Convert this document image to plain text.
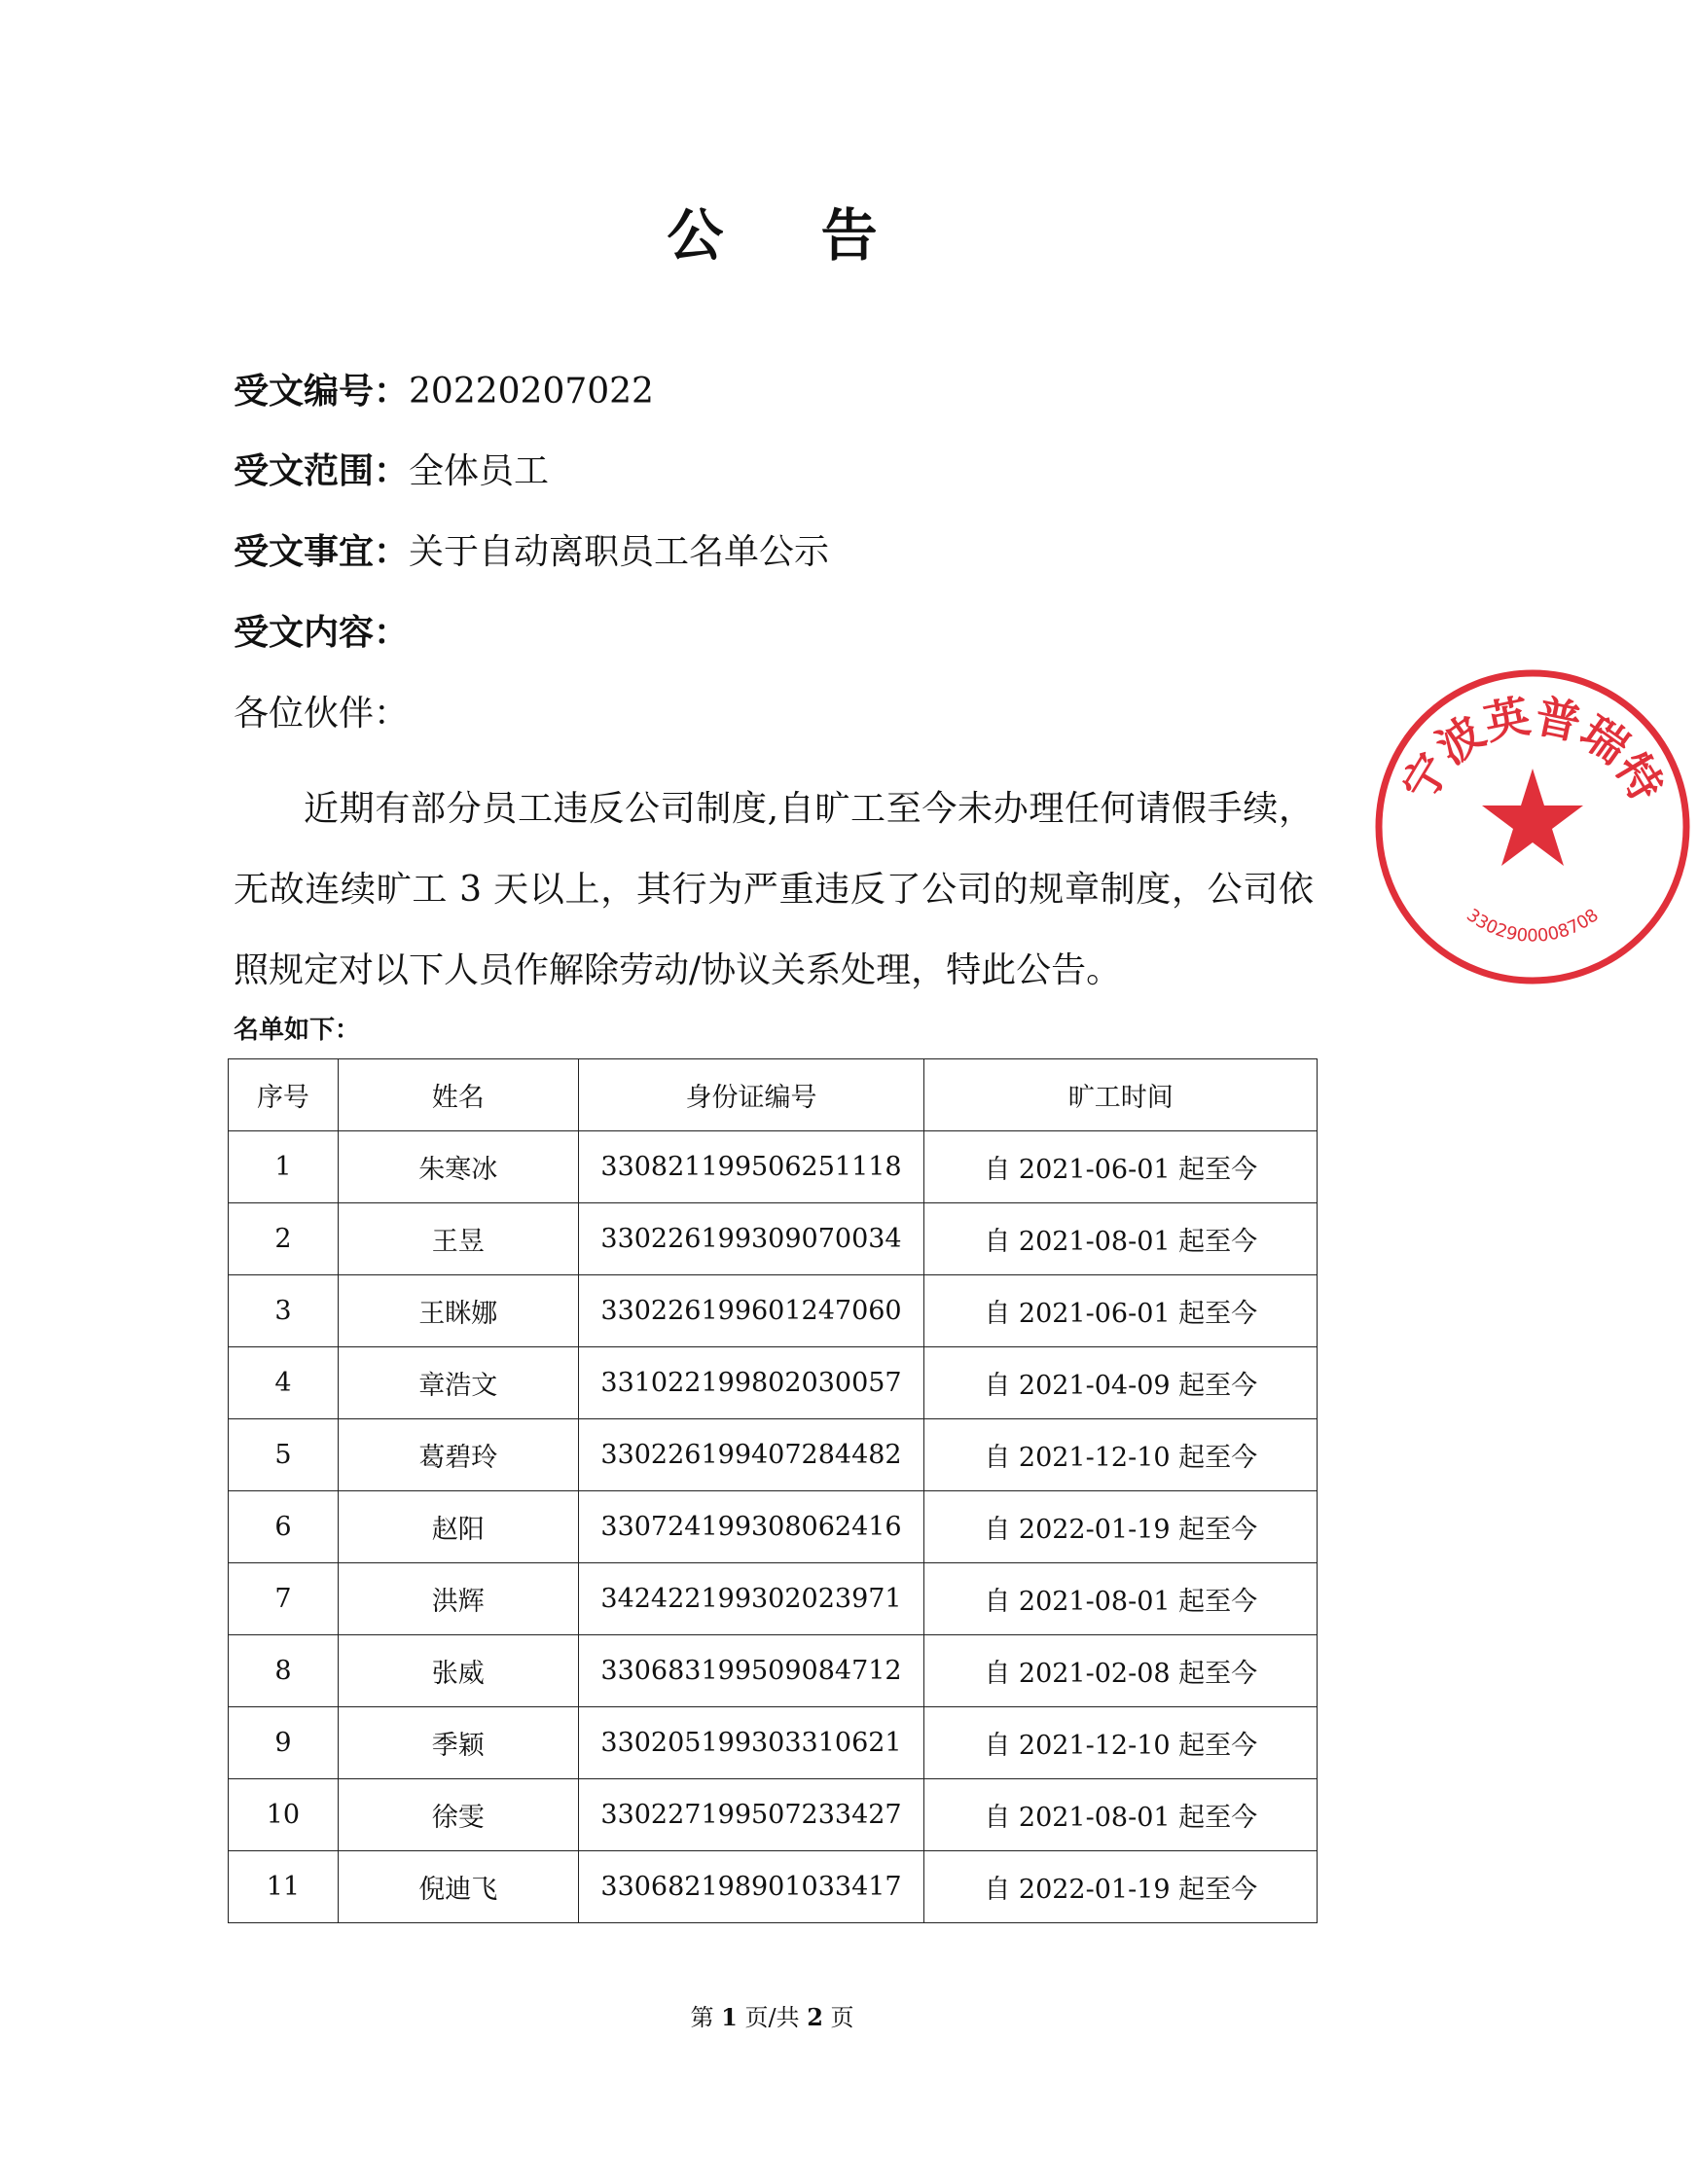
公 告
受文编号：20220207022
受文范围：全体员工
受文事宜：关于自动离职员工名单公示
受文内容：
各位伙伴：

近期有部分员工违反公司制度,自旷工至今未办理任何请假手续，无故连续旷工 3 天以上，其行为严重违反了公司的规章制度，公司依照规定对以下人员作解除劳动/协议关系处理，特此公告。

名单如下：
序号	姓名	身份证编号	旷工时间
1	朱寒冰	330821199506251118	自 2021-06-01 起至今
2	王昱	330226199309070034	自 2021-08-01 起至今
3	王眯娜	330226199601247060	自 2021-06-01 起至今
4	章浩文	331022199802030057	自 2021-04-09 起至今
5	葛碧玲	330226199407284482	自 2021-12-10 起至今
6	赵阳	330724199308062416	自 2022-01-19 起至今
7	洪辉	342422199302023971	自 2021-08-01 起至今
8	张威	330683199509084712	自 2021-02-08 起至今
9	季颖	330205199303310621	自 2021-12-10 起至今
10	徐雯	330227199507233427	自 2021-08-01 起至今
11	倪迪飞	330682198901033417	自 2022-01-19 起至今
第 1 页/共 2 页
宁波英普瑞特
3302900008708
